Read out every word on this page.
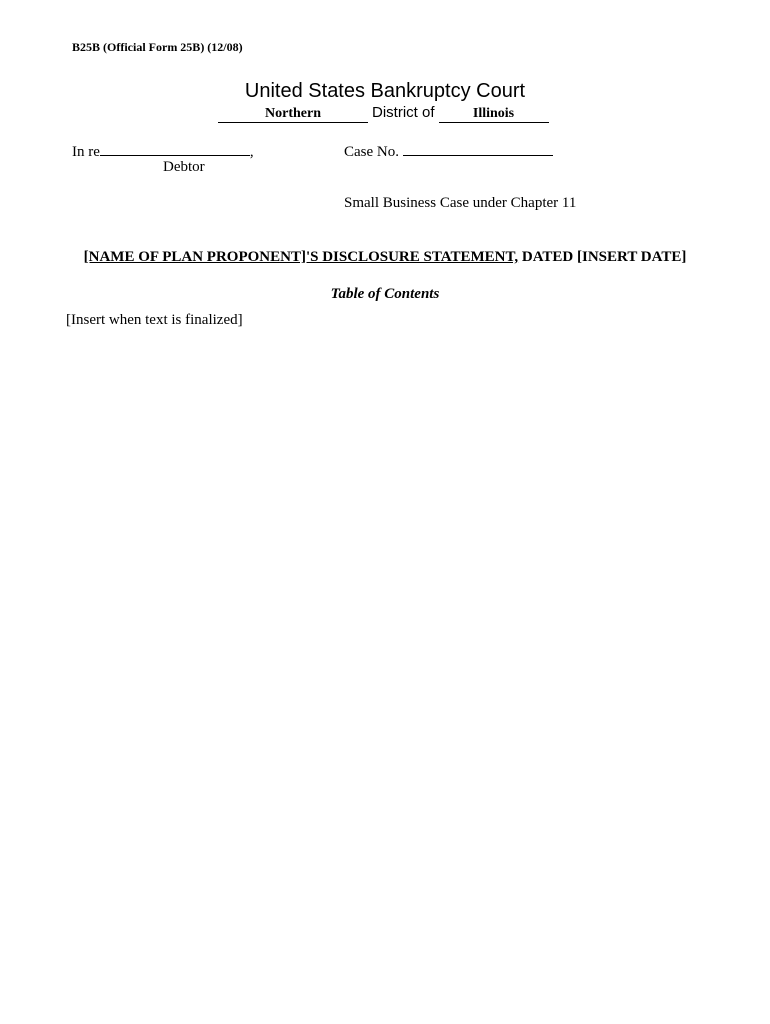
B25B (Official Form 25B) (12/08)
United States Bankruptcy Court
Northern	District of	Illinois
In re	,
Debtor
Case No.
Small Business Case under Chapter 11
[NAME OF PLAN PROPONENT]'S DISCLOSURE STATEMENT, DATED [INSERT DATE]
Table of Contents
[Insert when text is finalized]
